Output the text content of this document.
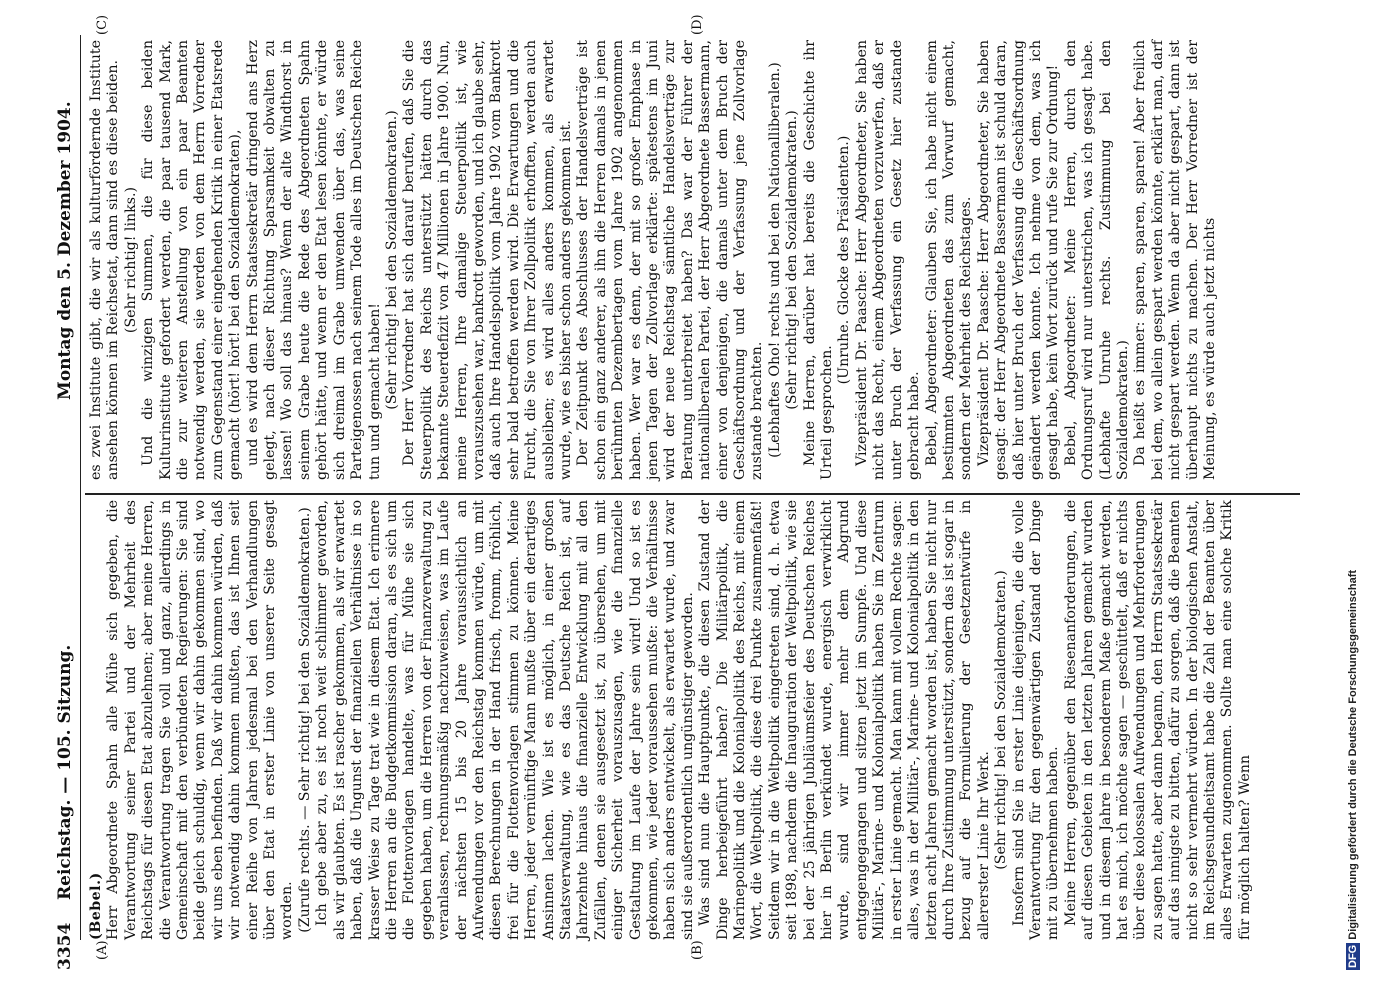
3354
Reichstag. — 105. Sitzung.
Montag den 5. Dezember 1904.
(A)	(B)
(C)	(D)

(Bebel.) Herr Abgeordnete Spahn alle Mühe sich gegeben, die Verantwortung seiner Partei und der Mehrheit des Reichstags für diesen Etat abzulehnen; aber meine Herren, die Verantwortung tragen Sie voll und ganz, allerdings in Gemeinschaft mit den verbündeten Regierungen: Sie sind beide gleich schuldig, wenn wir dahin gekommen sind, wo wir uns eben befinden. Daß wir dahin kommen würden, daß wir notwendig dahin kommen mußten, das ist Ihnen seit einer Reihe von Jahren jedesmal bei den Verhandlungen über den Etat in erster Linie von unserer Seite gesagt worden. (Zurufe rechts. — Sehr richtig! bei den Sozialdemokraten.) Ich gebe aber zu, es ist noch weit schlimmer geworden, als wir glaubten. Es ist rascher gekommen, als wir erwartet haben, daß die Ungunst der finanziellen Verhältnisse in so krasser Weise zu Tage trat wie in diesem Etat. Ich erinnere die Herren an die Budgetkommission daran, als es sich um die Flottenvorlagen handelte, was für Mühe sie sich gegeben haben, um die Herren von der Finanzverwaltung zu veranlassen, rechnungsmäßig nachzuweisen, was im Laufe der nächsten 15 bis 20 Jahre voraussichtlich an Aufwendungen vor den Reichstag kommen würde, um mit diesen Berechnungen in der Hand frisch, fromm, fröhlich, frei für die Flottenvorlagen stimmen zu können. Meine Herren, jeder vernünftige Mann mußte über ein derartiges Ansinnen lachen. Wie ist es möglich, in einer großen Staatsverwaltung, wie es das Deutsche Reich ist, auf Jahrzehnte hinaus die finanzielle Entwicklung mit all den Zufällen, denen sie ausgesetzt ist, zu übersehen, um mit einiger Sicherheit vorauszusagen, wie die finanzielle Gestaltung im Laufe der Jahre sein wird! Und so ist es gekommen, wie jeder voraussehen mußte: die Verhältnisse haben sich anders entwickelt, als erwartet wurde, und zwar sind sie außerordentlich ungünstiger geworden. Was sind nun die Hauptpunkte, die diesen Zustand der Dinge herbeigeführt haben? Die Militärpolitik, die Marinepolitik und die Kolonialpolitik des Reichs, mit einem Wort, die Weltpolitik, die diese drei Punkte zusammenfaßt! Seitdem wir in die Weltpolitik eingetreten sind, d. h. etwa seit 1898, nachdem die Inauguration der Weltpolitik, wie sie bei der 25 jährigen Jubiläumsfeier des Deutschen Reiches hier in Berlin verkündet wurde, energisch verwirklicht wurde, sind wir immer mehr dem Abgrund entgegengegangen und sitzen jetzt im Sumpfe. Und diese Militär-, Marine- und Kolonialpolitik haben Sie im Zentrum in erster Linie gemacht. Man kann mit vollem Rechte sagen: alles, was in der Militär-, Marine- und Kolonialpolitik in den letzten acht Jahren gemacht worden ist, haben Sie nicht nur durch Ihre Zustimmung unterstützt, sondern das ist sogar in bezug auf die Formulierung der Gesetzentwürfe in allererster Linie Ihr Werk. (Sehr richtig! bei den Sozialdemokraten.) Insofern sind Sie in erster Linie diejenigen, die die volle Verantwortung für den gegenwärtigen Zustand der Dinge mit zu übernehmen haben. Meine Herren, gegenüber den Riesenanforderungen, die auf diesen Gebieten in den letzten Jahren gemacht wurden und in diesem Jahre in besonderem Maße gemacht werden, hat es mich, ich möchte sagen — geschüttelt, daß er nichts über diese kolossalen Aufwendungen und Mehrforderungen zu sagen hatte, aber dann begann, den Herrn Staatssekretär auf das innigste zu bitten, dafür zu sorgen, daß die Beamten nicht so sehr vermehrt würden. In der biologischen Anstalt, im Reichsgesundheitsamt habe die Zahl der Beamten über alles Erwarten zugenommen. Sollte man eine solche Kritik für möglich halten? Wenn

es zwei Institute gibt, die wir als kulturfördernde Institute ansehen können im Reichsetat, dann sind es diese beiden. (Sehr richtig! links.) Und die winzigen Summen, die für diese beiden Kulturinstitute gefordert werden, die paar tausend Mark, die zur weiteren Anstellung von ein paar Beamten notwendig werden, sie werden von dem Herrn Vorredner zum Gegenstand einer eingehenden Kritik in einer Etatsrede gemacht (hört! hört! bei den Sozialdemokraten), und es wird dem Herrn Staatssekretär dringend ans Herz gelegt, nach dieser Richtung Sparsamkeit obwalten zu lassen! Wo soll das hinaus? Wenn der alte Windthorst in seinem Grabe heute die Rede des Abgeordneten Spahn gehört hätte, und wenn er den Etat lesen könnte, er würde sich dreimal im Grabe umwenden über das, was seine Parteigenossen nach seinem Tode alles im Deutschen Reiche tun und gemacht haben! (Sehr richtig! bei den Sozialdemokraten.) Der Herr Vorredner hat sich darauf berufen, daß Sie die Steuerpolitik des Reichs unterstützt hätten durch das bekannte Steuerdefizit von 47 Millionen in Jahre 1900. Nun, meine Herren, Ihre damalige Steuerpolitik ist, wie vorauszusehen war, bankrott geworden, und ich glaube sehr, daß auch Ihre Handelspolitik vom Jahre 1902 vom Bankrott sehr bald betroffen werden wird. Die Erwartungen und die Furcht, die Sie von Ihrer Zollpolitik erhofften, werden auch ausbleiben; es wird alles anders kommen, als erwartet wurde, wie es bisher schon anders gekommen ist. Der Zeitpunkt des Abschlusses der Handelsverträge ist schon ein ganz anderer, als ihn die Herren damals in jenen berühmten Dezembertagen vom Jahre 1902 angenommen haben. Wer war es denn, der mit so großer Emphase in jenen Tagen der Zollvorlage erklärte: spätestens im Juni wird der neue Reichstag sämtliche Handelsverträge zur Beratung unterbreitet haben? Das war der Führer der nationalliberalen Partei, der Herr Abgeordnete Bassermann, einer von denjenigen, die damals unter dem Bruch der Geschäftsordnung und der Verfassung jene Zollvorlage zustande brachten. (Lebhaftes Oho! rechts und bei den Nationalliberalen.) (Sehr richtig! bei den Sozialdemokraten.) Meine Herren, darüber hat bereits die Geschichte ihr Urteil gesprochen.

(Unruhe. Glocke des Präsidenten.) Vizepräsident Dr. Paasche: Herr Abgeordneter, Sie haben nicht das Recht, einem Abgeordneten vorzuwerfen, daß er unter Bruch der Verfassung ein Gesetz hier zustande gebracht habe. Bebel, Abgeordneter: Glauben Sie, ich habe nicht einem bestimmten Abgeordneten das zum Vorwurf gemacht, sondern der Mehrheit des Reichstages. Vizepräsident Dr. Paasche: Herr Abgeordneter, Sie haben gesagt: der Herr Abgeordnete Bassermann ist schuld daran, daß hier unter Bruch der Verfassung die Geschäftsordnung geändert werden konnte. Ich nehme von dem, was ich gesagt habe, kein Wort zurück und rufe Sie zur Ordnung! Bebel, Abgeordneter: Meine Herren, durch den Ordnungsruf wird nur unterstrichen, was ich gesagt habe. (Lebhafte Unruhe rechts. Zustimmung bei den Sozialdemokraten.) Da heißt es immer: sparen, sparen, sparen! Aber freilich bei dem, wo allein gespart werden könnte, erklärt man, darf nicht gespart werden. Wenn da aber nicht gespart, dann ist überhaupt nichts zu machen. Der Herr Vorredner ist der Meinung, es würde auch jetzt nichts

DFG Digitalisierung gefördert durch die Deutsche Forschungsgemeinschaft
